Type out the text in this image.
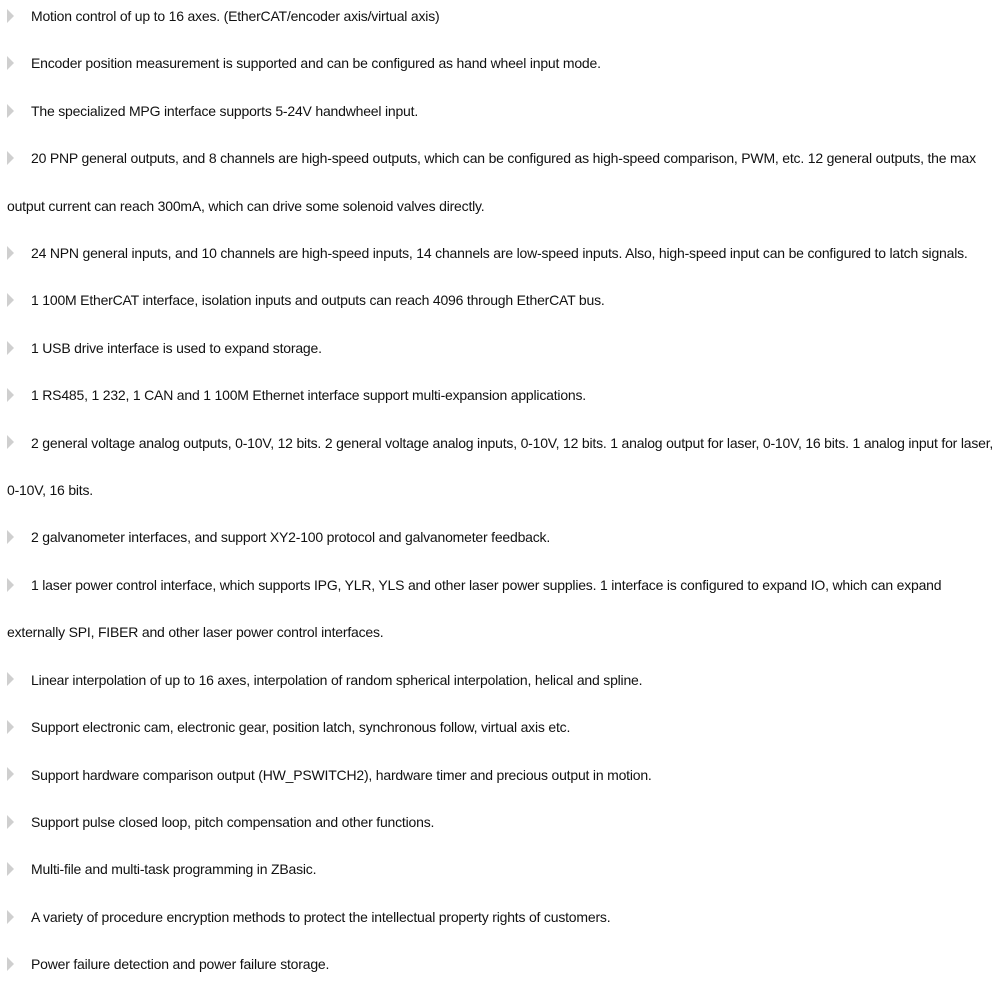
Motion control of up to 16 axes. (EtherCAT/encoder axis/virtual axis)
Encoder position measurement is supported and can be configured as hand wheel input mode.
The specialized MPG interface supports 5-24V handwheel input.
20 PNP general outputs, and 8 channels are high-speed outputs, which can be configured as high-speed comparison, PWM, etc. 12 general outputs, the max output current can reach 300mA, which can drive some solenoid valves directly.
24 NPN general inputs, and 10 channels are high-speed inputs, 14 channels are low-speed inputs. Also, high-speed input can be configured to latch signals.
1 100M EtherCAT interface, isolation inputs and outputs can reach 4096 through EtherCAT bus.
1 USB drive interface is used to expand storage.
1 RS485, 1 232, 1 CAN and 1 100M Ethernet interface support multi-expansion applications.
2 general voltage analog outputs, 0-10V, 12 bits. 2 general voltage analog inputs, 0-10V, 12 bits. 1 analog output for laser, 0-10V, 16 bits. 1 analog input for laser, 0-10V, 16 bits.
2 galvanometer interfaces, and support XY2-100 protocol and galvanometer feedback.
1 laser power control interface, which supports IPG, YLR, YLS and other laser power supplies. 1 interface is configured to expand IO, which can expand externally SPI, FIBER and other laser power control interfaces.
Linear interpolation of up to 16 axes, interpolation of random spherical interpolation, helical and spline.
Support electronic cam, electronic gear, position latch, synchronous follow, virtual axis etc.
Support hardware comparison output (HW_PSWITCH2), hardware timer and precious output in motion.
Support pulse closed loop, pitch compensation and other functions.
Multi-file and multi-task programming in ZBasic.
A variety of procedure encryption methods to protect the intellectual property rights of customers.
Power failure detection and power failure storage.
